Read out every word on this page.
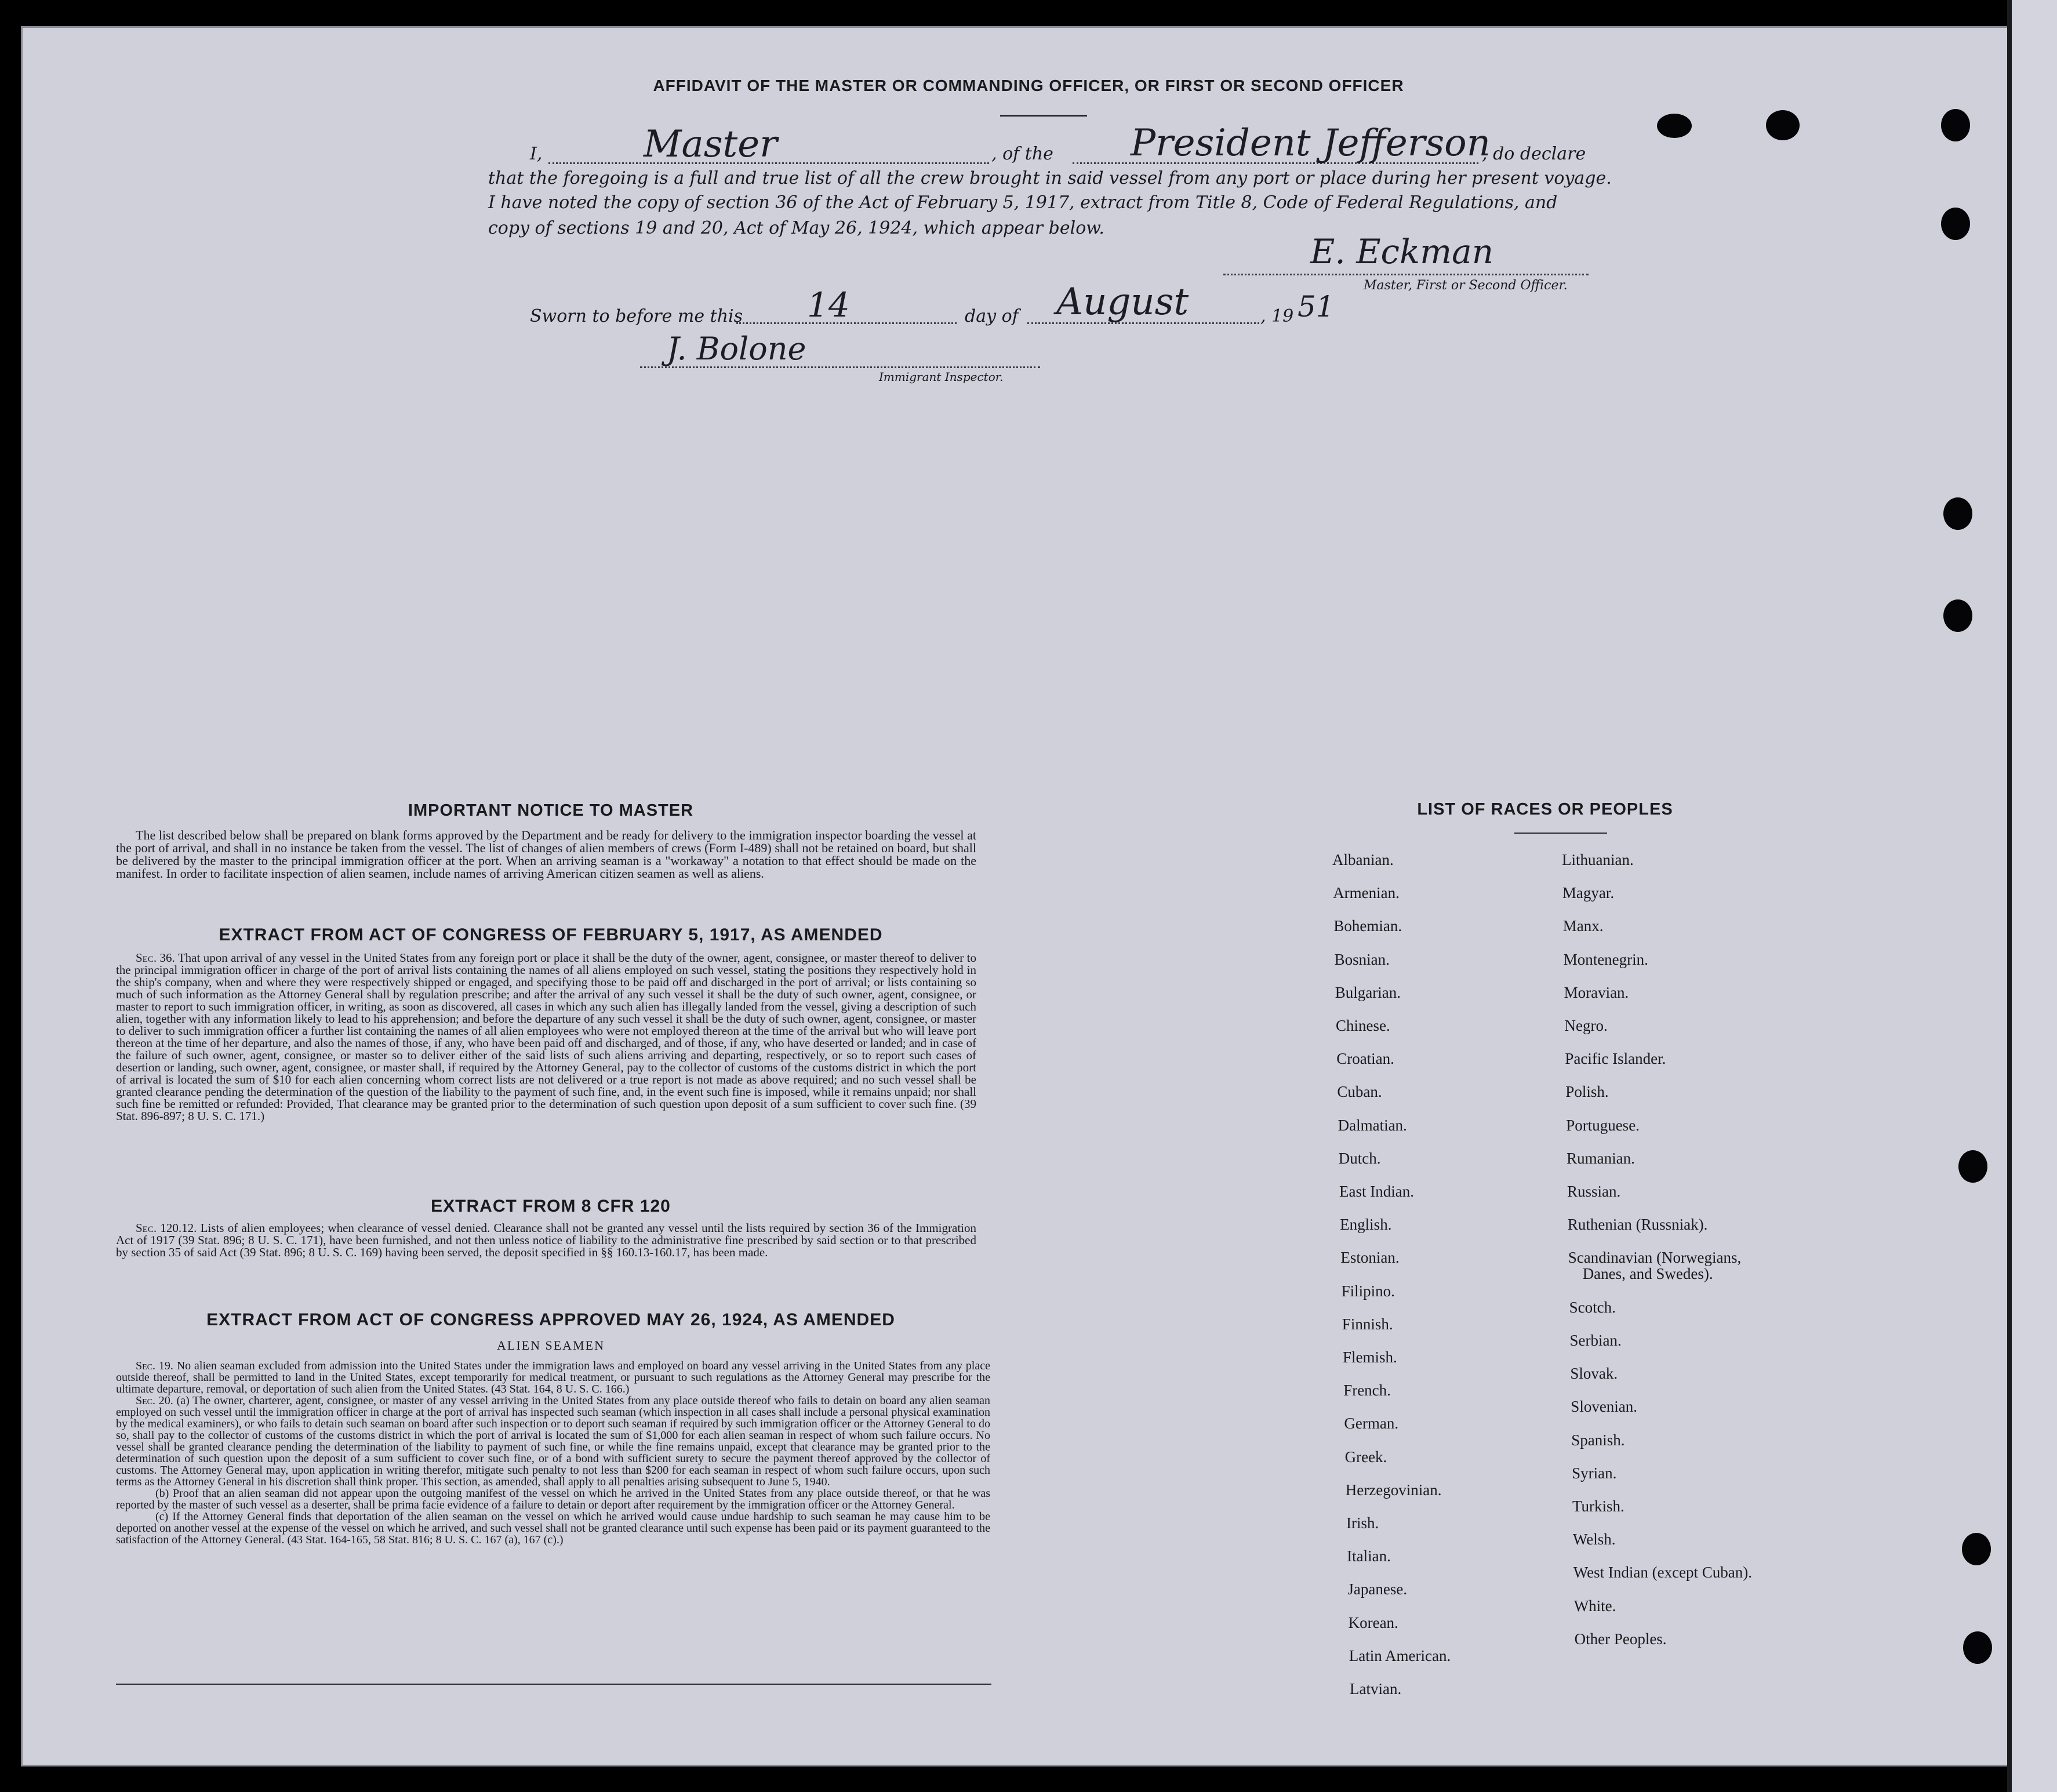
AFFIDAVIT OF THE MASTER OR COMMANDING OFFICER, OR FIRST OR SECOND OFFICER
I,	Master	, of the President Jefferson
, do declare
that the foregoing is a full and true list of all the crew brought in said vessel from any port or place during her present voyage.
I have noted the copy of section 36 of the Act of February 5, 1917, extract from Title 8, Code of Federal Regulations, and
copy of sections 19 and 20, Act of May 26, 1924, which appear below.
E. Eckman
Master, First or Second Officer.
Sworn to before me this 14	day of August	, 19 51
J. Bolone
Immigrant Inspector.
IMPORTANT NOTICE TO MASTER

The list described below shall be prepared on blank forms approved by the Department and be ready for delivery to the immigration inspector boarding the vessel at the port of arrival, and shall in no instance be taken from the vessel. The list of changes of alien members of crews (Form I-489) shall not be retained on board, but shall be delivered by the master to the principal immigration officer at the port. When an arriving seaman is a "workaway" a notation to that effect should be made on the manifest. In order to facilitate inspection of alien seamen, include names of arriving American citizen seamen as well as aliens.

EXTRACT FROM ACT OF CONGRESS OF FEBRUARY 5, 1917, AS AMENDED

Sec. 36. That upon arrival of any vessel in the United States from any foreign port or place it shall be the duty of the owner, agent, consignee, or master thereof to deliver to the principal immigration officer in charge of the port of arrival lists containing the names of all aliens employed on such vessel, stating the positions they respectively hold in the ship's company, when and where they were respectively shipped or engaged, and specifying those to be paid off and discharged in the port of arrival; or lists containing so much of such information as the Attorney General shall by regulation prescribe; and after the arrival of any such vessel it shall be the duty of such owner, agent, consignee, or master to report to such immigration officer, in writing, as soon as discovered, all cases in which any such alien has illegally landed from the vessel, giving a description of such alien, together with any information likely to lead to his apprehension; and before the departure of any such vessel it shall be the duty of such owner, agent, consignee, or master to deliver to such immigration officer a further list containing the names of all alien employees who were not employed thereon at the time of the arrival but who will leave port thereon at the time of her departure, and also the names of those, if any, who have been paid off and discharged, and of those, if any, who have deserted or landed; and in case of the failure of such owner, agent, consignee, or master so to deliver either of the said lists of such aliens arriving and departing, respectively, or so to report such cases of desertion or landing, such owner, agent, consignee, or master shall, if required by the Attorney General, pay to the collector of customs of the customs district in which the port of arrival is located the sum of $10 for each alien concerning whom correct lists are not delivered or a true report is not made as above required; and no such vessel shall be granted clearance pending the determination of the question of the liability to the payment of such fine, and, in the event such fine is imposed, while it remains unpaid; nor shall such fine be remitted or refunded: Provided, That clearance may be granted prior to the determination of such question upon deposit of a sum sufficient to cover such fine. (39 Stat. 896-897; 8 U. S. C. 171.)

EXTRACT FROM 8 CFR 120

Sec. 120.12. Lists of alien employees; when clearance of vessel denied. Clearance shall not be granted any vessel until the lists required by section 36 of the Immigration Act of 1917 (39 Stat. 896; 8 U. S. C. 171), have been furnished, and not then unless notice of liability to the administrative fine prescribed by said section or to that prescribed by section 35 of said Act (39 Stat. 896; 8 U. S. C. 169) having been served, the deposit specified in §§ 160.13-160.17, has been made.

EXTRACT FROM ACT OF CONGRESS APPROVED MAY 26, 1924, AS AMENDED
ALIEN SEAMEN

Sec. 19. No alien seaman excluded from admission into the United States under the immigration laws and employed on board any vessel arriving in the United States from any place outside thereof, shall be permitted to land in the United States, except temporarily for medical treatment, or pursuant to such regulations as the Attorney General may prescribe for the ultimate departure, removal, or deportation of such alien from the United States. (43 Stat. 164, 8 U. S. C. 166.)

Sec. 20. (a) The owner, charterer, agent, consignee, or master of any vessel arriving in the United States from any place outside thereof who fails to detain on board any alien seaman employed on such vessel until the immigration officer in charge at the port of arrival has inspected such seaman (which inspection in all cases shall include a personal physical examination by the medical examiners), or who fails to detain such seaman on board after such inspection or to deport such seaman if required by such immigration officer or the Attorney General to do so, shall pay to the collector of customs of the customs district in which the port of arrival is located the sum of $1,000 for each alien seaman in respect of whom such failure occurs. No vessel shall be granted clearance pending the determination of the liability to payment of such fine, or while the fine remains unpaid, except that clearance may be granted prior to the determination of such question upon the deposit of a sum sufficient to cover such fine, or of a bond with sufficient surety to secure the payment thereof approved by the collector of customs. The Attorney General may, upon application in writing therefor, mitigate such penalty to not less than $200 for each seaman in respect of whom such failure occurs, upon such terms as the Attorney General in his discretion shall think proper. This section, as amended, shall apply to all penalties arising subsequent to June 5, 1940.

(b) Proof that an alien seaman did not appear upon the outgoing manifest of the vessel on which he arrived in the United States from any place outside thereof, or that he was reported by the master of such vessel as a deserter, shall be prima facie evidence of a failure to detain or deport after requirement by the immigration officer or the Attorney General.

(c) If the Attorney General finds that deportation of the alien seaman on the vessel on which he arrived would cause undue hardship to such seaman he may cause him to be deported on another vessel at the expense of the vessel on which he arrived, and such vessel shall not be granted clearance until such expense has been paid or its payment guaranteed to the satisfaction of the Attorney General. (43 Stat. 164-165, 58 Stat. 816; 8 U. S. C. 167 (a), 167 (c).)

LIST OF RACES OR PEOPLES
Albanian.
Armenian.
Bohemian.
Bosnian.
Bulgarian.
Chinese.
Croatian.
Cuban.
Dalmatian.
Dutch.
East Indian.
English.
Estonian.
Filipino.
Finnish.
Flemish.
French.
German.
Greek.
Herzegovinian.
Irish.
Italian.
Japanese.
Korean.
Latin American.
Latvian.
Lithuanian.
Magyar.
Manx.
Montenegrin.
Moravian.
Negro.
Pacific Islander.
Polish.
Portuguese.
Rumanian.
Russian.
Ruthenian (Russniak).
Scandinavian (Norwegians,
Danes, and Swedes).
Scotch.
Serbian.
Slovak.
Slovenian.
Spanish.
Syrian.
Turkish.
Welsh.
West Indian (except Cuban).
White.
Other Peoples.
